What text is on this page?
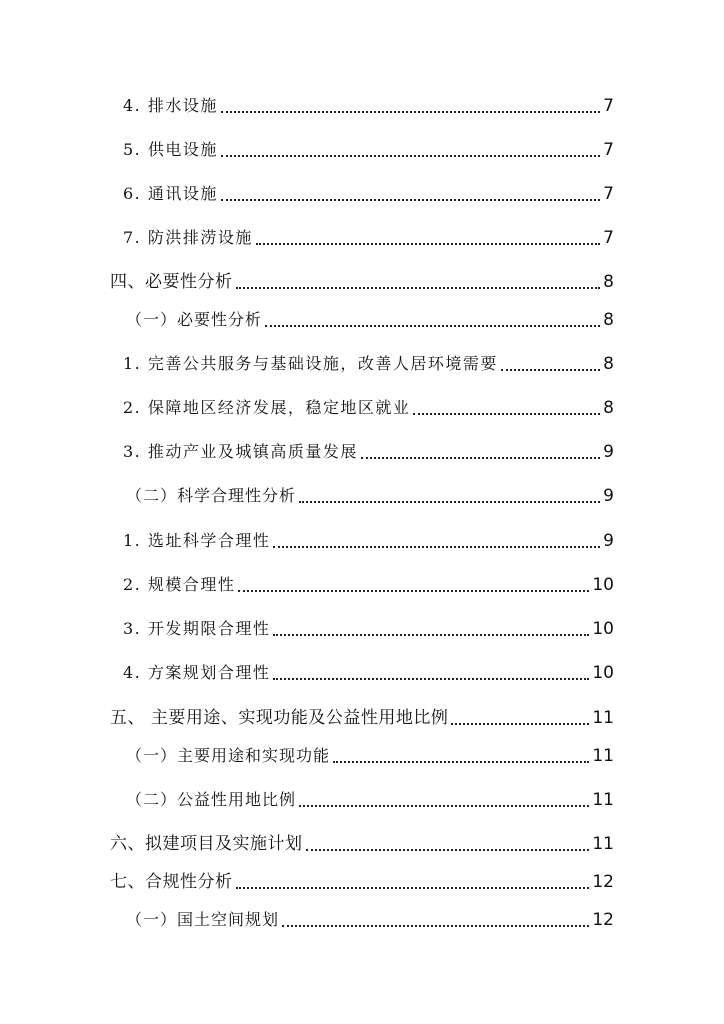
4. 排水设施	7
5. 供电设施	7
6. 通讯设施	7
7. 防洪排涝设施	7
四、必要性分析	8
（一）必要性分析	8
1. 完善公共服务与基础设施，改善人居环境需要	8
2. 保障地区经济发展，稳定地区就业	8
3. 推动产业及城镇高质量发展	9
（二）科学合理性分析	9
1. 选址科学合理性	9
2. 规模合理性	10
3. 开发期限合理性	10
4. 方案规划合理性	10
五、 主要用途、实现功能及公益性用地比例	11
（一）主要用途和实现功能	11
（二）公益性用地比例	11
六、拟建项目及实施计划	11
七、合规性分析	12
（一）国土空间规划	12
